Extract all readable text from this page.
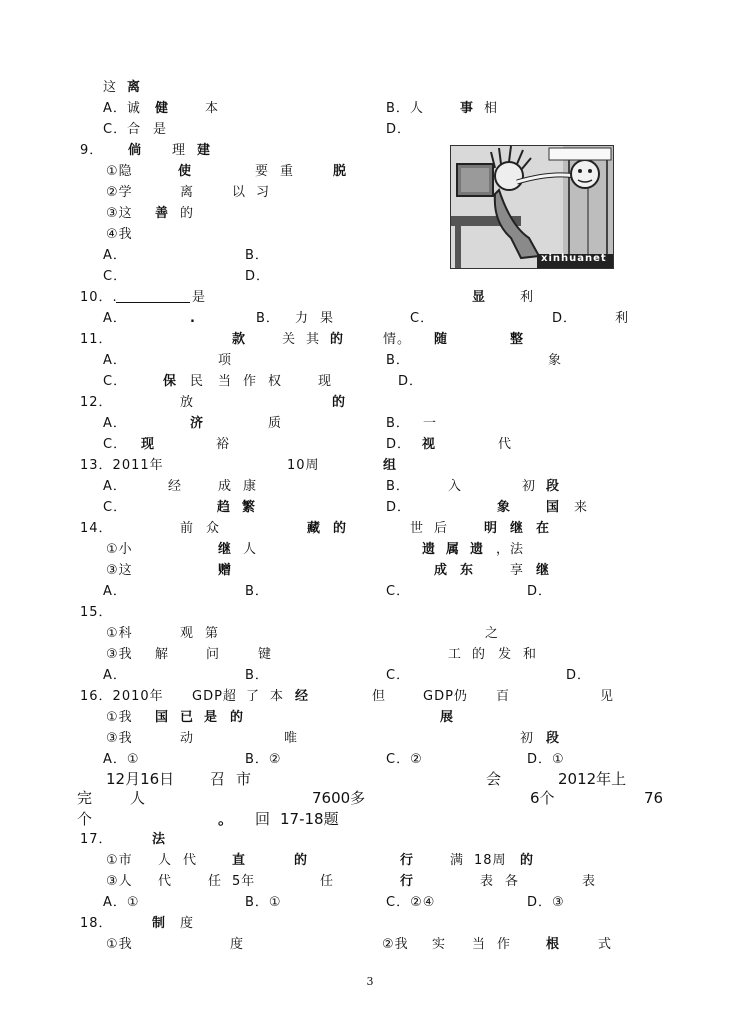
这 离
A．诚 健	本	B．人	事 相
C．合 是	D．
9． 倘 理 建
①隐	使	要 重	脱
②学	离	以 习
③这 善 的
④我
A．	B．
C．	D．
10．.	是	显	利
A．	.	B． 力 果	C．	D．	利
11．	款	关 其 的	情。 随	整
A．	项	B．	象
C．	保 民 当 作 权	现	D．
12．	放	的
A．	济	质	B． 一
C． 现	裕	D． 视	代
13．2011年	10周	组
A．	经	成 康	B．	入	初 段
C．	趋 繁	D．	象	国 来
14．	前 众	藏 的	世 后	明 继 在
①小	继 人	遗 属 遗 ，法
③这	赠	成 东	享 继
A．	B．	C．	D．
15．
①科	观 第	之
③我 解	问	键	工 的 发 和
A．	B．	C．	D．
16．2010年 GDP超 了 本 经	但	GDP仍 百	见
①我 国 已 是 的	展
③我	动	唯	初 段
A．①	B．②	C．②	D．①
12月16日 召 市	会	2012年上
完	人	7600多	6个	76
个	。 回 17-18题
17．	法
①市 人 代	直	的	行	满 18周 的
③人 代	任 5年	任	行	表 各	表
A．①	B．①	C．②④	D．③
18．	制 度
①我	度	②我 实 当 作	根	式
xinhuanet
3
